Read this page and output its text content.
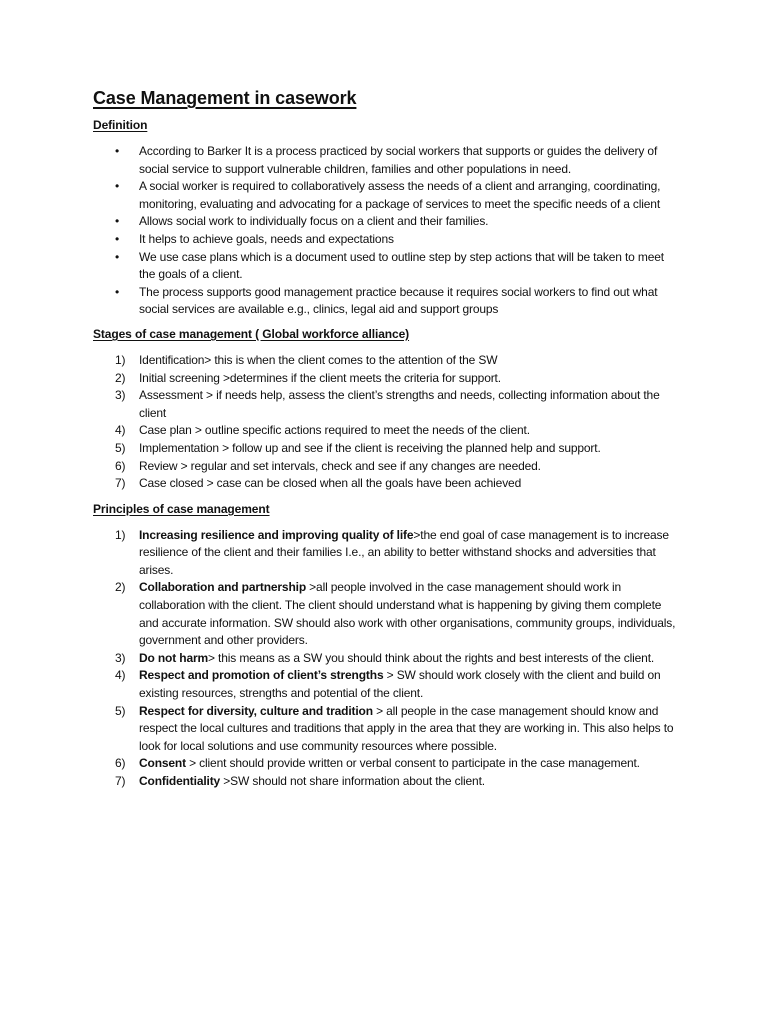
Case Management in casework
Definition
• According to Barker It is a process practiced by social workers that supports or guides the delivery of social service to support vulnerable children, families and other populations in need.
• A social worker is required to collaboratively assess the needs of a client and arranging, coordinating, monitoring, evaluating and advocating for a package of services to meet the specific needs of a client
• Allows social work to individually focus on a client and their families.
• It helps to achieve goals, needs and expectations
• We use case plans which is a document used to outline step by step actions that will be taken to meet the goals of a client.
• The process supports good management practice because it requires social workers to find out what social services are available e.g., clinics, legal aid and support groups
Stages of case management ( Global workforce alliance)
1) Identification> this is when the client comes to the attention of the SW
2) Initial screening >determines if the client meets the criteria for support.
3) Assessment > if needs help, assess the client’s strengths and needs, collecting information about the client
4) Case plan > outline specific actions required to meet the needs of the client.
5) Implementation > follow up and see if the client is receiving the planned help and support.
6) Review > regular and set intervals, check and see if any changes are needed.
7) Case closed > case can be closed when all the goals have been achieved
Principles of case management
1) Increasing resilience and improving quality of life>the end goal of case management is to increase resilience of the client and their families I.e., an ability to better withstand shocks and adversities that arises.
2) Collaboration and partnership >all people involved in the case management should work in collaboration with the client. The client should understand what is happening by giving them complete and accurate information. SW should also work with other organisations, community groups, individuals, government and other providers.
3) Do not harm> this means as a SW you should think about the rights and best interests of the client.
4) Respect and promotion of client’s strengths > SW should work closely with the client and build on existing resources, strengths and potential of the client.
5) Respect for diversity, culture and tradition > all people in the case management should know and respect the local cultures and traditions that apply in the area that they are working in. This also helps to look for local solutions and use community resources where possible.
6) Consent > client should provide written or verbal consent to participate in the case management.
7) Confidentiality >SW should not share information about the client.
